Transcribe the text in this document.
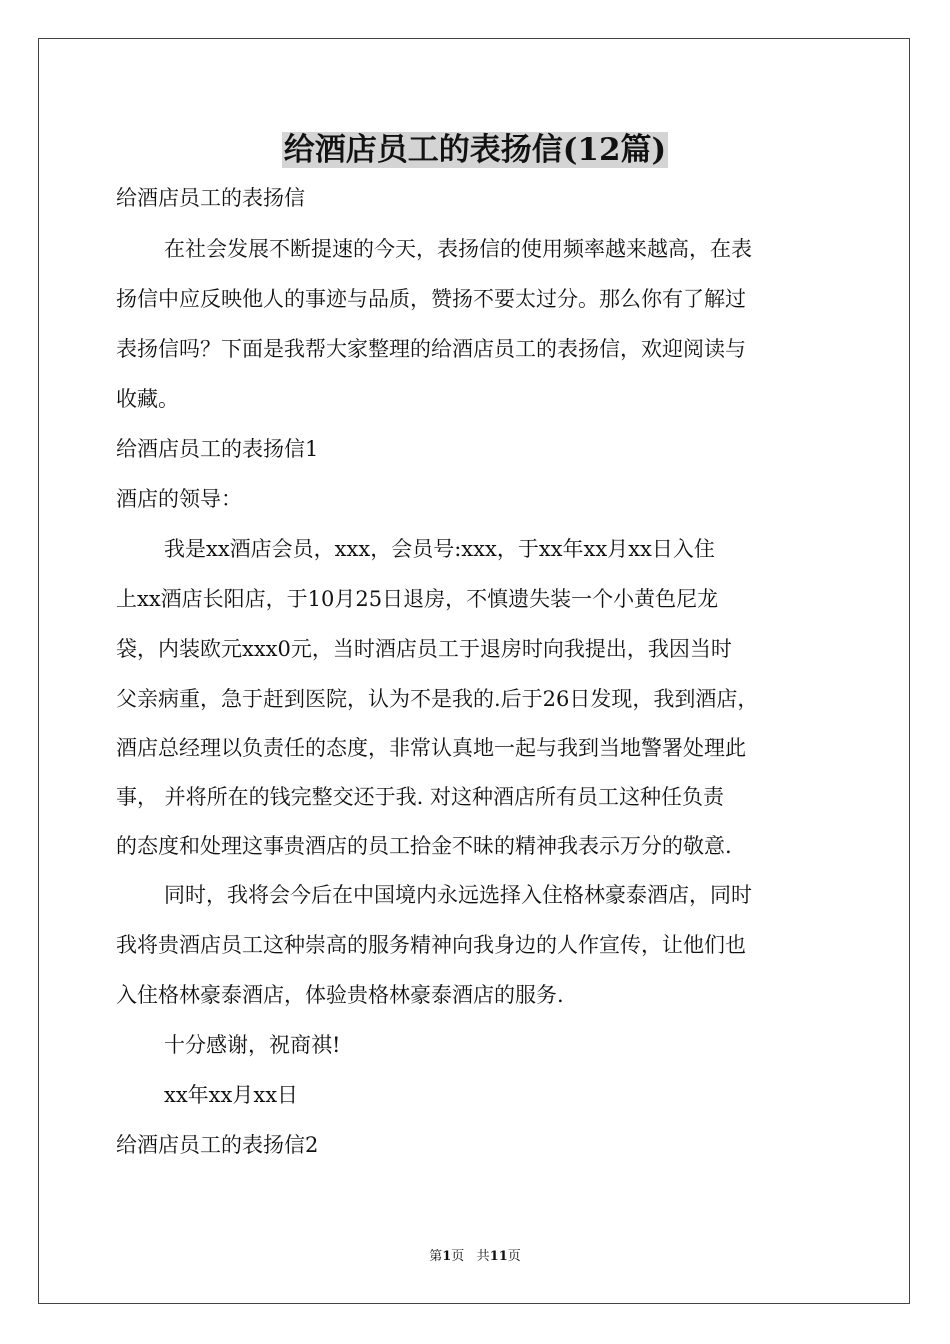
给酒店员工的表扬信(12篇)
给酒店员工的表扬信
在社会发展不断提速的今天，表扬信的使用频率越来越高，在表
扬信中应反映他人的事迹与品质，赞扬不要太过分。那么你有了解过
表扬信吗？下面是我帮大家整理的给酒店员工的表扬信，欢迎阅读与
收藏。
给酒店员工的表扬信1
酒店的领导：
我是xx酒店会员，xxx，会员号:xxx，于xx年xx月xx日入住
上xx酒店长阳店，于10月25日退房，不慎遗失装一个小黄色尼龙
袋，内装欧元xxx0元，当时酒店员工于退房时向我提出，我因当时
父亲病重，急于赶到医院，认为不是我的.后于26日发现，我到酒店，
酒店总经理以负责任的态度，非常认真地一起与我到当地警署处理此
事， 并将所在的钱完整交还于我. 对这种酒店所有员工这种任负责
的态度和处理这事贵酒店的员工拾金不昧的精神我表示万分的敬意.
同时，我将会今后在中国境内永远选择入住格林豪泰酒店，同时
我将贵酒店员工这种崇高的服务精神向我身边的人作宣传，让他们也
入住格林豪泰酒店，体验贵格林豪泰酒店的服务.
十分感谢，祝商祺!
xx年xx月xx日
给酒店员工的表扬信2
第1页 共11页
